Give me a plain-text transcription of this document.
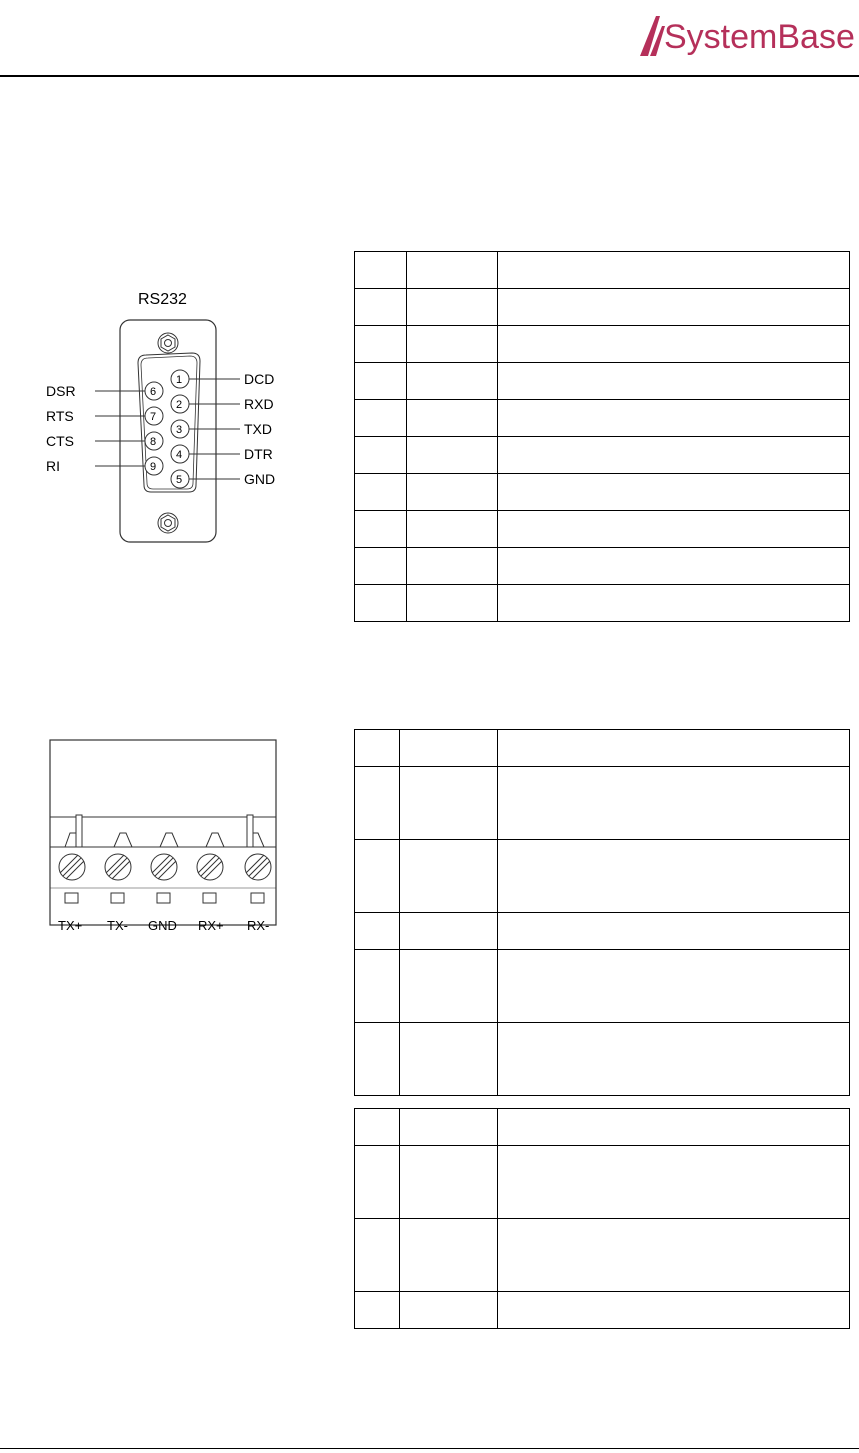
SystemBase
RS232
1
2
3
4
5
6
7
8
9
DCD
RXD
TXD
DTR
GND
DSR
RTS
CTS
RI
TX+ TX- GND RX+ RX-
